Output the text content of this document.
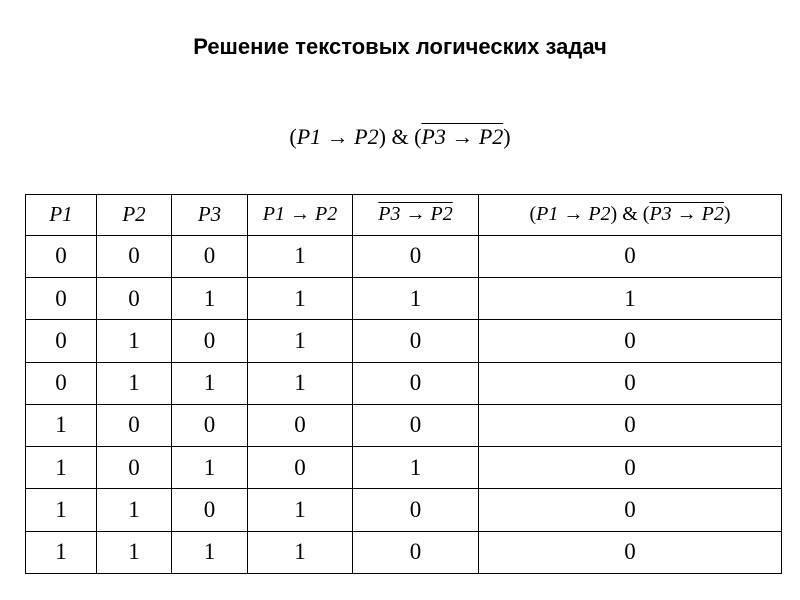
Решение текстовых логических задач
(P1 → P2) & (P3 → P2)
P1	P2	P3	P1 → P2	P3 → P2	(P1 → P2) & (P3 → P2)
0	0	0	1	0	0
0	0	1	1	1	1
0	1	0	1	0	0
0	1	1	1	0	0
1	0	0	0	0	0
1	0	1	0	1	0
1	1	0	1	0	0
1	1	1	1	0	0
